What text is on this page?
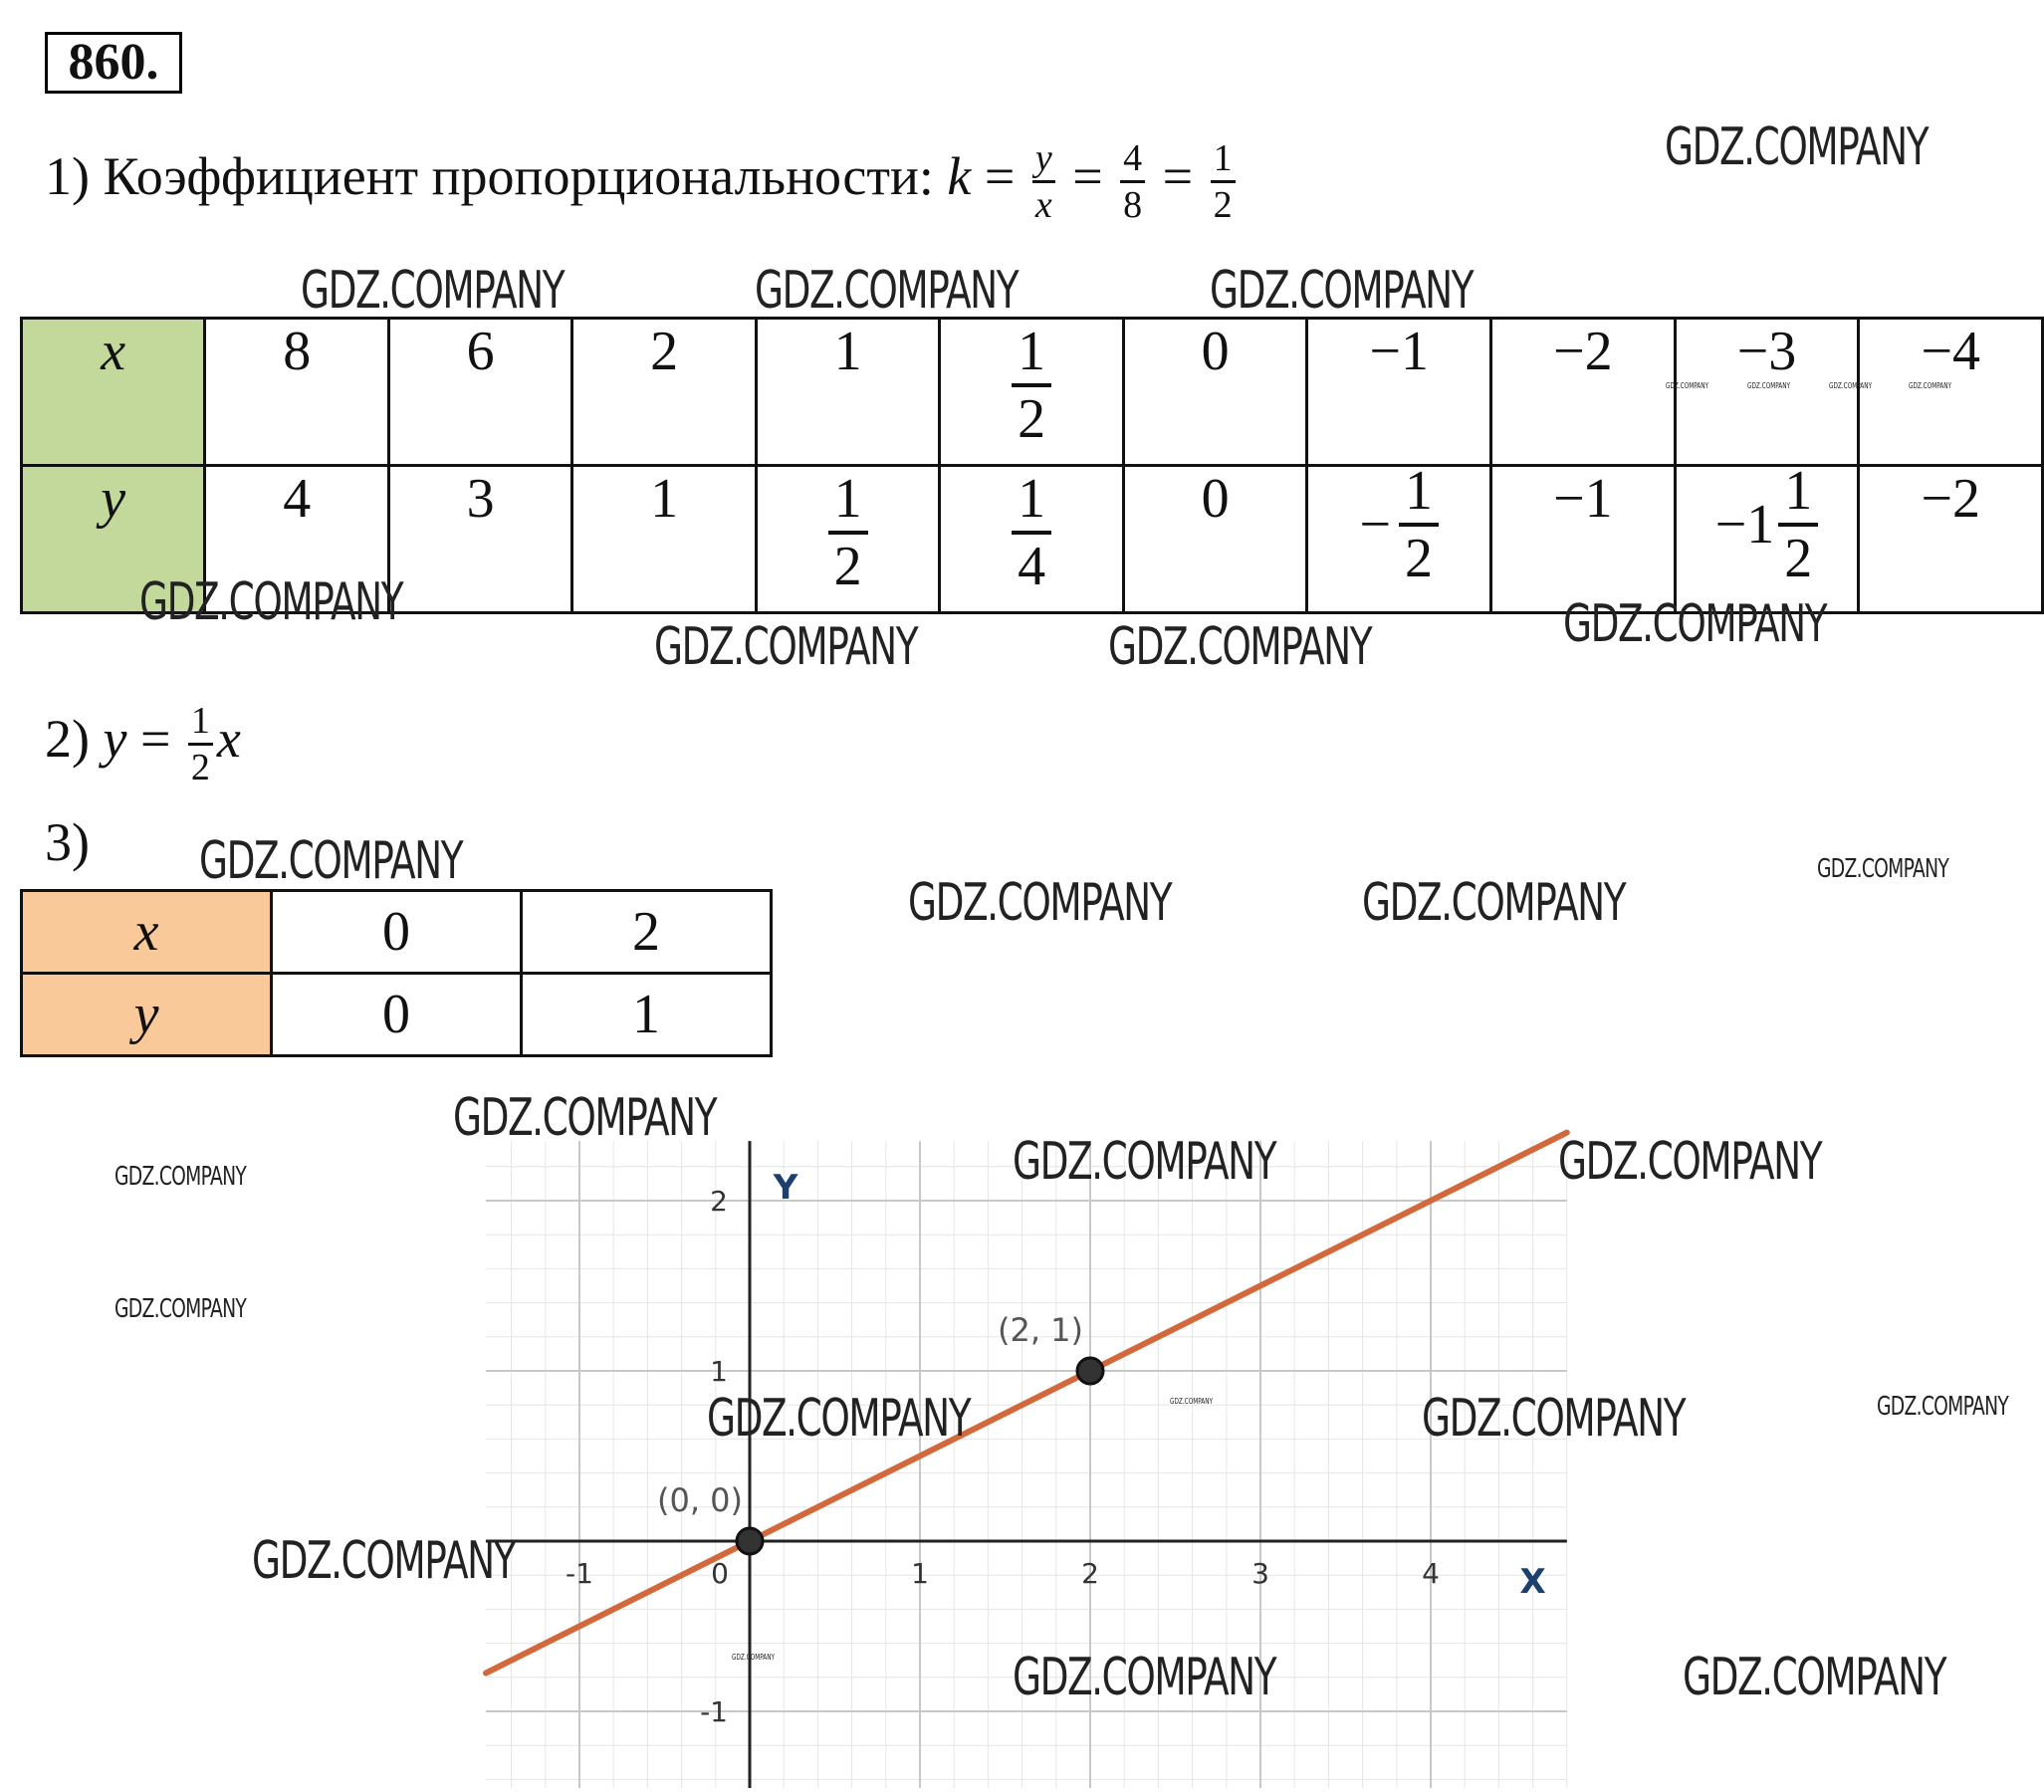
860.
1) Коэффициент пропорциональности: $k = \frac{y}{x} = \frac{4}{8} = \frac{1}{2}$
x	8	6	2	1	$\frac{1}{2}$	0	−1	−2	−3	−4
y	4	3	1	$\frac{1}{2}$	$\frac{1}{4}$	0	− $\frac{1}{2}$	−1	$-1 \frac{1}{2}$	−2
2) $y = \frac{1}{2}$ x
3)
x	0	2
y	0	1
-1	0	1	2	3	4
2
1
-1
X
Y
(0, 0)
(2, 1)
GDZ.COMPANY
GDZ.COMPANY	GDZ.COMPANY	GDZ.COMPANY
GDZ.COMPANY
GDZ.COMPANY	GDZ.COMPANY	GDZ.COMPANY
GDZ.COMPANY
GDZ.COMPANY	GDZ.COMPANY
GDZ.COMPANY
GDZ.COMPANY
GDZ.COMPANY	GDZ.COMPANY	GDZ.COMPANY
GDZ.COMPANY
GDZ.COMPANY	GDZ.COMPANY	GDZ.COMPANY
GDZ.COMPANY
GDZ.COMPANY	GDZ.COMPANY
GDZ.COMPANY	GDZ.COMPANY	GDZ.COMPANY	GDZ.COMPANY
GDZ.COMPANY
GDZ.COMPANY
